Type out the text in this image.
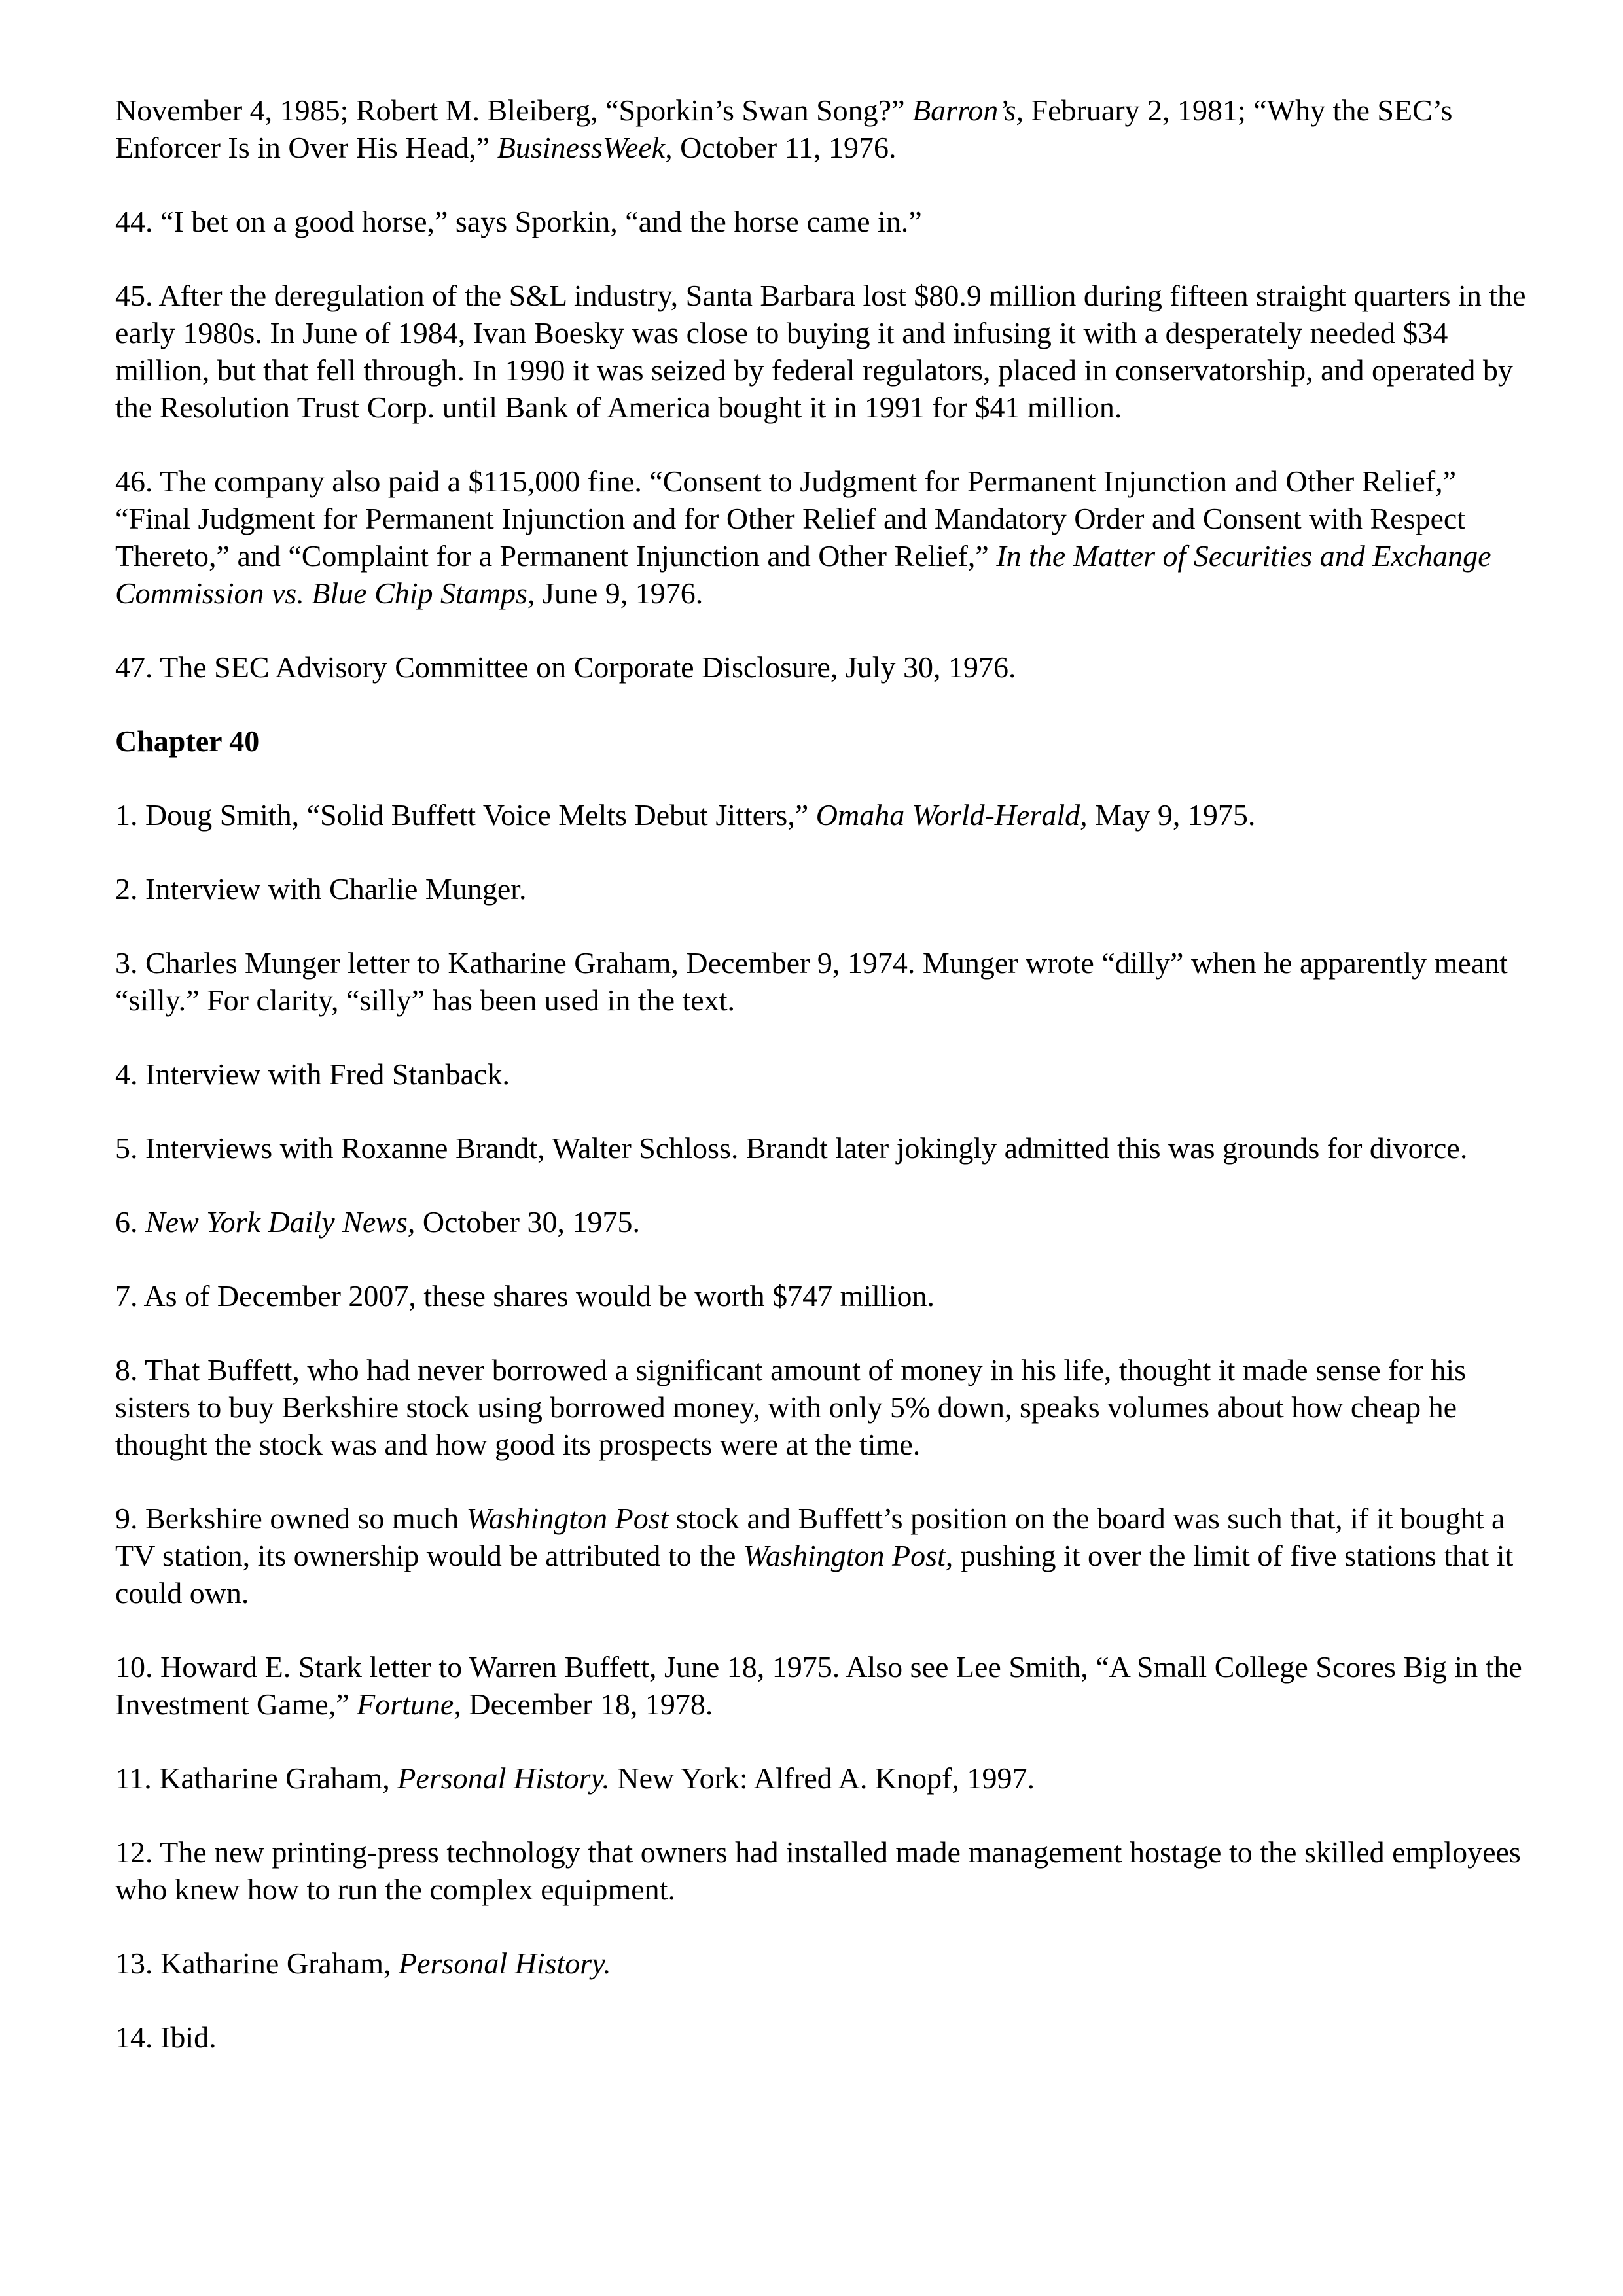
November 4, 1985; Robert M. Bleiberg, “Sporkin’s Swan Song?” Barron’s, February 2, 1981; “Why the SEC’s Enforcer Is in Over His Head,” BusinessWeek, October 11, 1976.

44. “I bet on a good horse,” says Sporkin, “and the horse came in.”

45. After the deregulation of the S&L industry, Santa Barbara lost $80.9 million during fifteen straight quarters in the early 1980s. In June of 1984, Ivan Boesky was close to buying it and infusing it with a desperately needed $34 million, but that fell through. In 1990 it was seized by federal regulators, placed in conservatorship, and operated by the Resolution Trust Corp. until Bank of America bought it in 1991 for $41 million.

46. The company also paid a $115,000 fine. “Consent to Judgment for Permanent Injunction and Other Relief,” “Final Judgment for Permanent Injunction and for Other Relief and Mandatory Order and Consent with Respect Thereto,” and “Complaint for a Permanent Injunction and Other Relief,” In the Matter of Securities and Exchange Commission vs. Blue Chip Stamps, June 9, 1976.

47. The SEC Advisory Committee on Corporate Disclosure, July 30, 1976.

Chapter 40

1. Doug Smith, “Solid Buffett Voice Melts Debut Jitters,” Omaha World-Herald, May 9, 1975.

2. Interview with Charlie Munger.

3. Charles Munger letter to Katharine Graham, December 9, 1974. Munger wrote “dilly” when he apparently meant “silly.” For clarity, “silly” has been used in the text.

4. Interview with Fred Stanback.

5. Interviews with Roxanne Brandt, Walter Schloss. Brandt later jokingly admitted this was grounds for divorce.

6. New York Daily News, October 30, 1975.

7. As of December 2007, these shares would be worth $747 million.

8. That Buffett, who had never borrowed a significant amount of money in his life, thought it made sense for his sisters to buy Berkshire stock using borrowed money, with only 5% down, speaks volumes about how cheap he thought the stock was and how good its prospects were at the time.

9. Berkshire owned so much Washington Post stock and Buffett’s position on the board was such that, if it bought a TV station, its ownership would be attributed to the Washington Post, pushing it over the limit of five stations that it could own.

10. Howard E. Stark letter to Warren Buffett, June 18, 1975. Also see Lee Smith, “A Small College Scores Big in the Investment Game,” Fortune, December 18, 1978.

11. Katharine Graham, Personal History. New York: Alfred A. Knopf, 1997.

12. The new printing-press technology that owners had installed made management hostage to the skilled employees who knew how to run the complex equipment.

13. Katharine Graham, Personal History.

14. Ibid.
